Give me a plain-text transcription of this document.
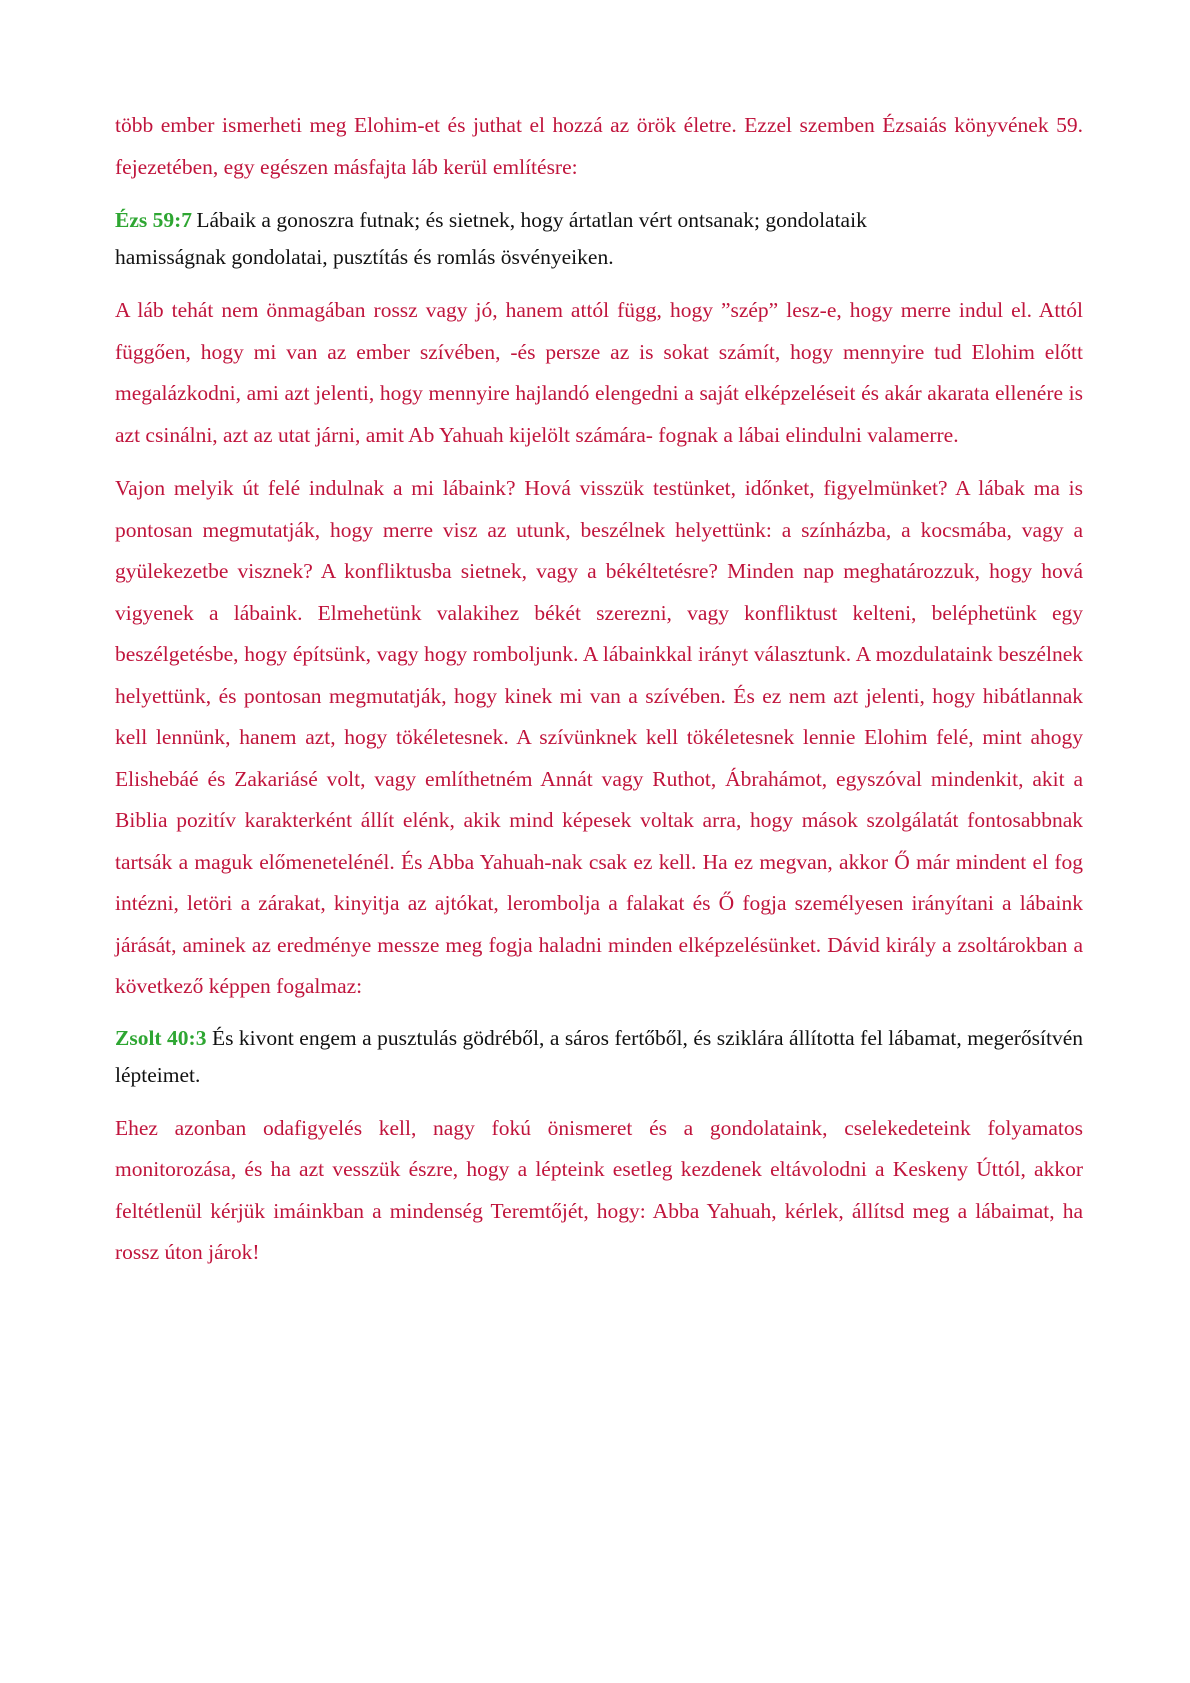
több ember ismerheti meg Elohim-et és juthat el hozzá az örök életre. Ezzel szemben Ézsaiás könyvének 59. fejezetében, egy egészen másfajta láb kerül említésre:

Ézs 59:7  Lábaik a gonoszra futnak; és sietnek, hogy ártatlan vért ontsanak; gondolataik hamisságnak gondolatai, pusztítás és romlás ösvényeiken.

A láb tehát nem önmagában rossz vagy jó, hanem attól függ, hogy ”szép” lesz-e, hogy merre indul el. Attól függően, hogy mi van az ember szívében, -és persze az is sokat számít, hogy mennyire tud Elohim előtt megalázkodni, ami azt jelenti, hogy mennyire hajlandó elengedni a saját elképzeléseit és akár akarata ellenére is azt csinálni, azt az utat járni, amit Ab Yahuah kijelölt számára- fognak a lábai elindulni valamerre.

Vajon melyik út felé indulnak a mi lábaink? Hová visszük testünket, időnket, figyelmünket? A lábak ma is pontosan megmutatják, hogy merre visz az utunk, beszélnek helyettünk: a színházba, a kocsmába, vagy a gyülekezetbe visznek? A konfliktusba sietnek, vagy a békéltetésre? Minden nap meghatározzuk, hogy hová vigyenek a lábaink. Elmehetünk valakihez békét szerezni, vagy konfliktust kelteni, beléphetünk egy beszélgetésbe, hogy építsünk, vagy hogy romboljunk. A lábainkkal irányt választunk. A mozdulataink beszélnek helyettünk, és pontosan megmutatják, hogy kinek mi van a szívében. És ez nem azt jelenti, hogy hibátlannak kell lennünk, hanem azt, hogy tökéletesnek. A szívünknek kell tökéletesnek lennie Elohim felé, mint ahogy Elishebáé és Zakariásé volt, vagy említhetném Annát vagy Ruthot, Ábrahámot, egyszóval mindenkit, akit a Biblia pozitív karakterként állít elénk, akik mind képesek voltak arra, hogy mások szolgálatát fontosabbnak tartsák a maguk előmenetelénél. És Abba Yahuah-nak csak ez kell. Ha ez megvan, akkor Ő már mindent el fog intézni, letöri a zárakat, kinyitja az ajtókat, lerombolja a falakat és Ő fogja személyesen irányítani a lábaink járását, aminek az eredménye messze meg fogja haladni minden elképzelésünket. Dávid király a zsoltárokban a következő képpen fogalmaz:

Zsolt 40:3 És kivont engem a pusztulás gödréből, a sáros fertőből, és sziklára állította fel lábamat, megerősítvén lépteimet.

Ehez azonban odafigyelés kell, nagy fokú önismeret és a gondolataink, cselekedeteink folyamatos monitorozása, és ha azt vesszük észre, hogy a lépteink esetleg kezdenek eltávolodni a Keskeny Úttól, akkor feltétlenül kérjük imáinkban a mindenség Teremtőjét, hogy: Abba Yahuah, kérlek, állítsd meg a lábaimat, ha rossz úton járok!
